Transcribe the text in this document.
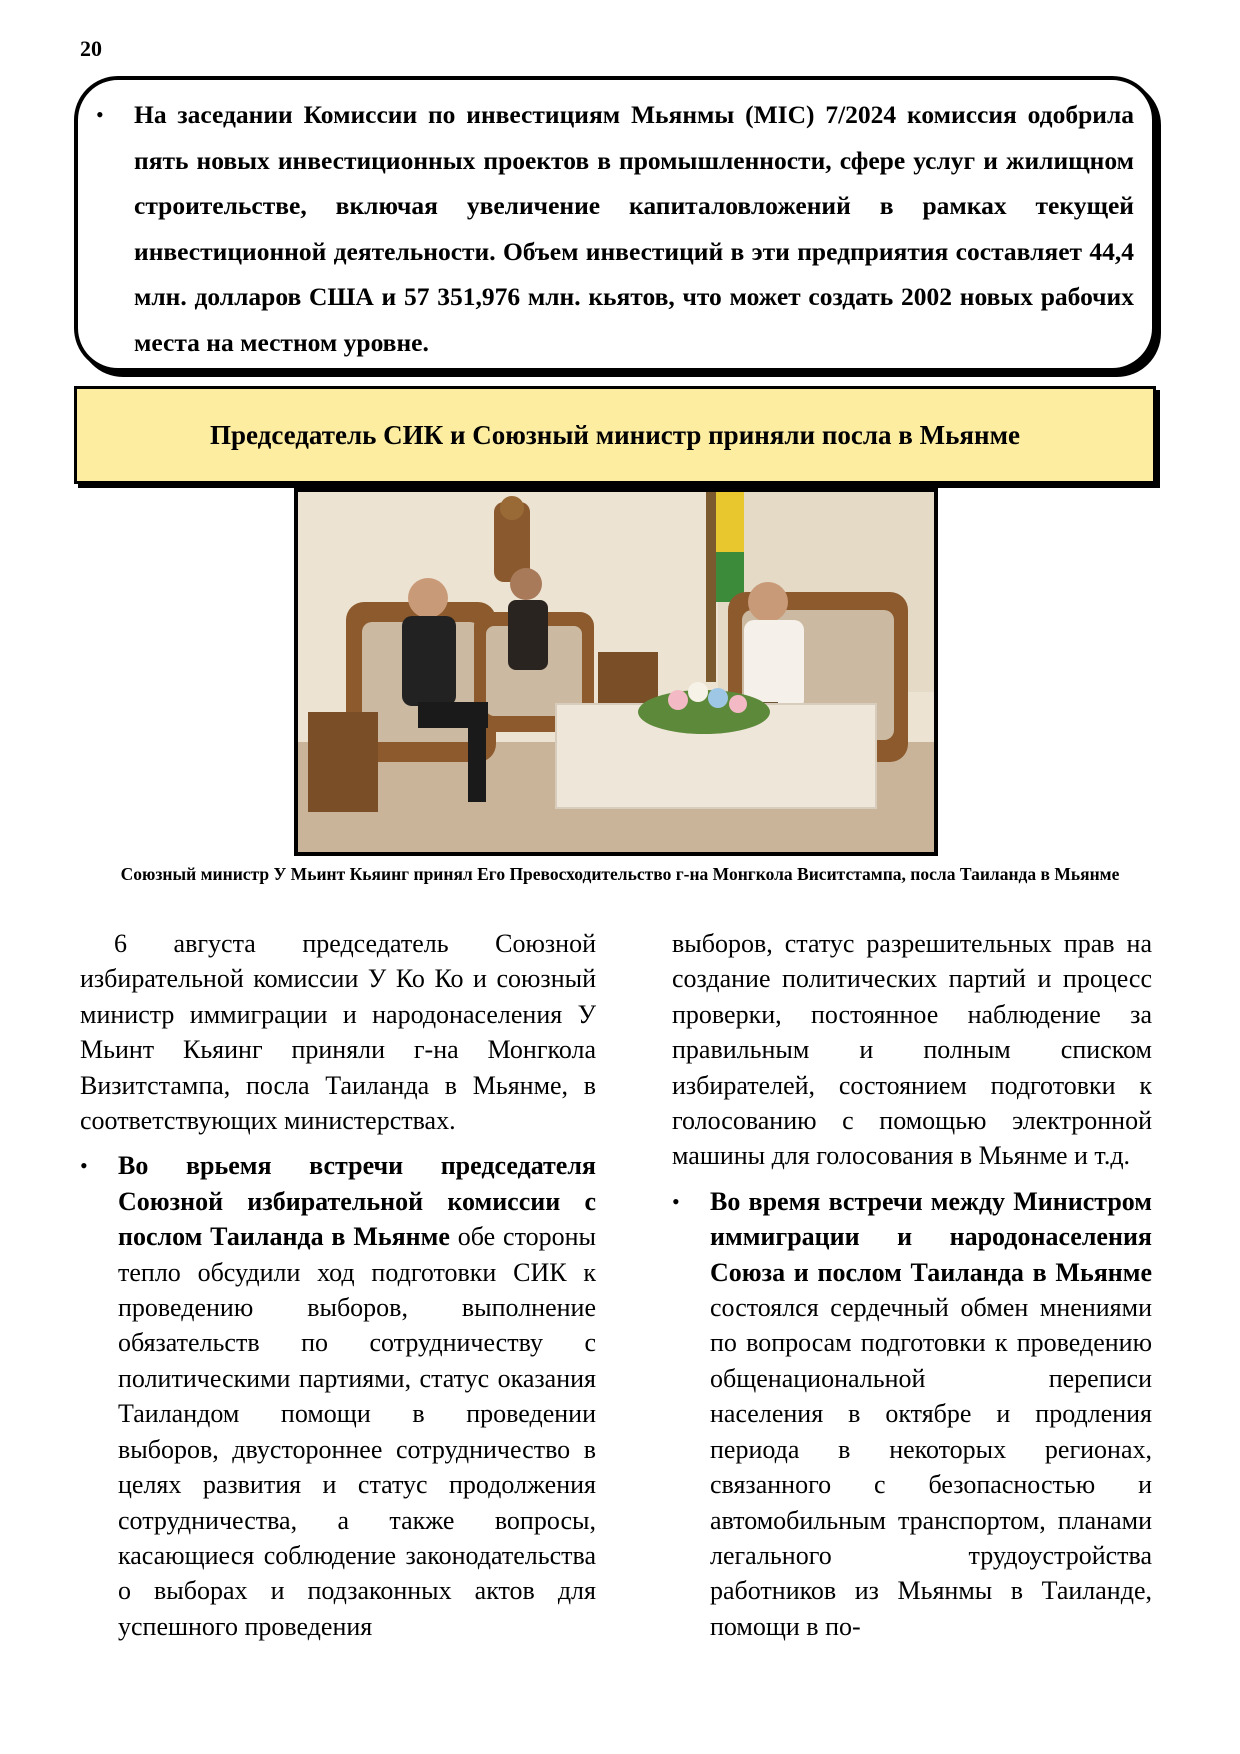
20
• На заседании Комиссии по инвестициям Мьянмы (MIC) 7/2024 комиссия одобрила пять новых инвестиционных проектов в промышленности, сфере услуг и жилищном строительстве, включая увеличение капиталовложений в рамках текущей инвестиционной деятельности. Объем инвестиций в эти предприятия составляет 44,4 млн. долларов США и 57 351,976 млн. кьятов, что может создать 2002 новых рабочих места на местном уровне.

Председатель СИК и Союзный министр приняли посла в Мьянме

Союзный министр У Мьинт Кьяинг принял Его Превосходительство г-на Монгкола Виситстампа, посла Таиланда в Мьянме

6 августа председатель Союзной избирательной комиссии У Ко Ко и союзный министр иммиграции и народонаселения У Мьинт Кьяинг приняли г-на Монгкола Визитстампа, посла Таиланда в Мьянме, в соответствующих министерствах.

• Во врьемя встречи председателя Союзной избирательной комиссии с послом Таиланда в Мьянме обе стороны тепло обсудили ход подготовки СИК к проведению выборов, выполнение обязательств по сотрудничеству с политическими партиями, статус оказания Таиландом помощи в проведении выборов, двустороннее сотрудничество в целях развития и статус продолжения сотрудничества, а также вопросы, касающиеся соблюдение законодательства о выборах и подзаконных актов для успешного проведения

выборов, статус разрешительных прав на создание политических партий и процесс проверки, постоянное наблюдение за правильным и полным списком избирателей, состоянием подготовки к голосованию с помощью электронной машины для голосования в Мьянме и т.д.

• Во время встречи между Министром иммиграции и народонаселения Союза и послом Таиланда в Мьянме состоялся сердечный обмен мнениями по вопросам подготовки к проведению общенациональной переписи населения в октябре и продления периода в некоторых регионах, связанного с безопасностью и автомобильным транспортом, планами легального трудоустройства работников из Мьянмы в Таиланде, помощи в по-
